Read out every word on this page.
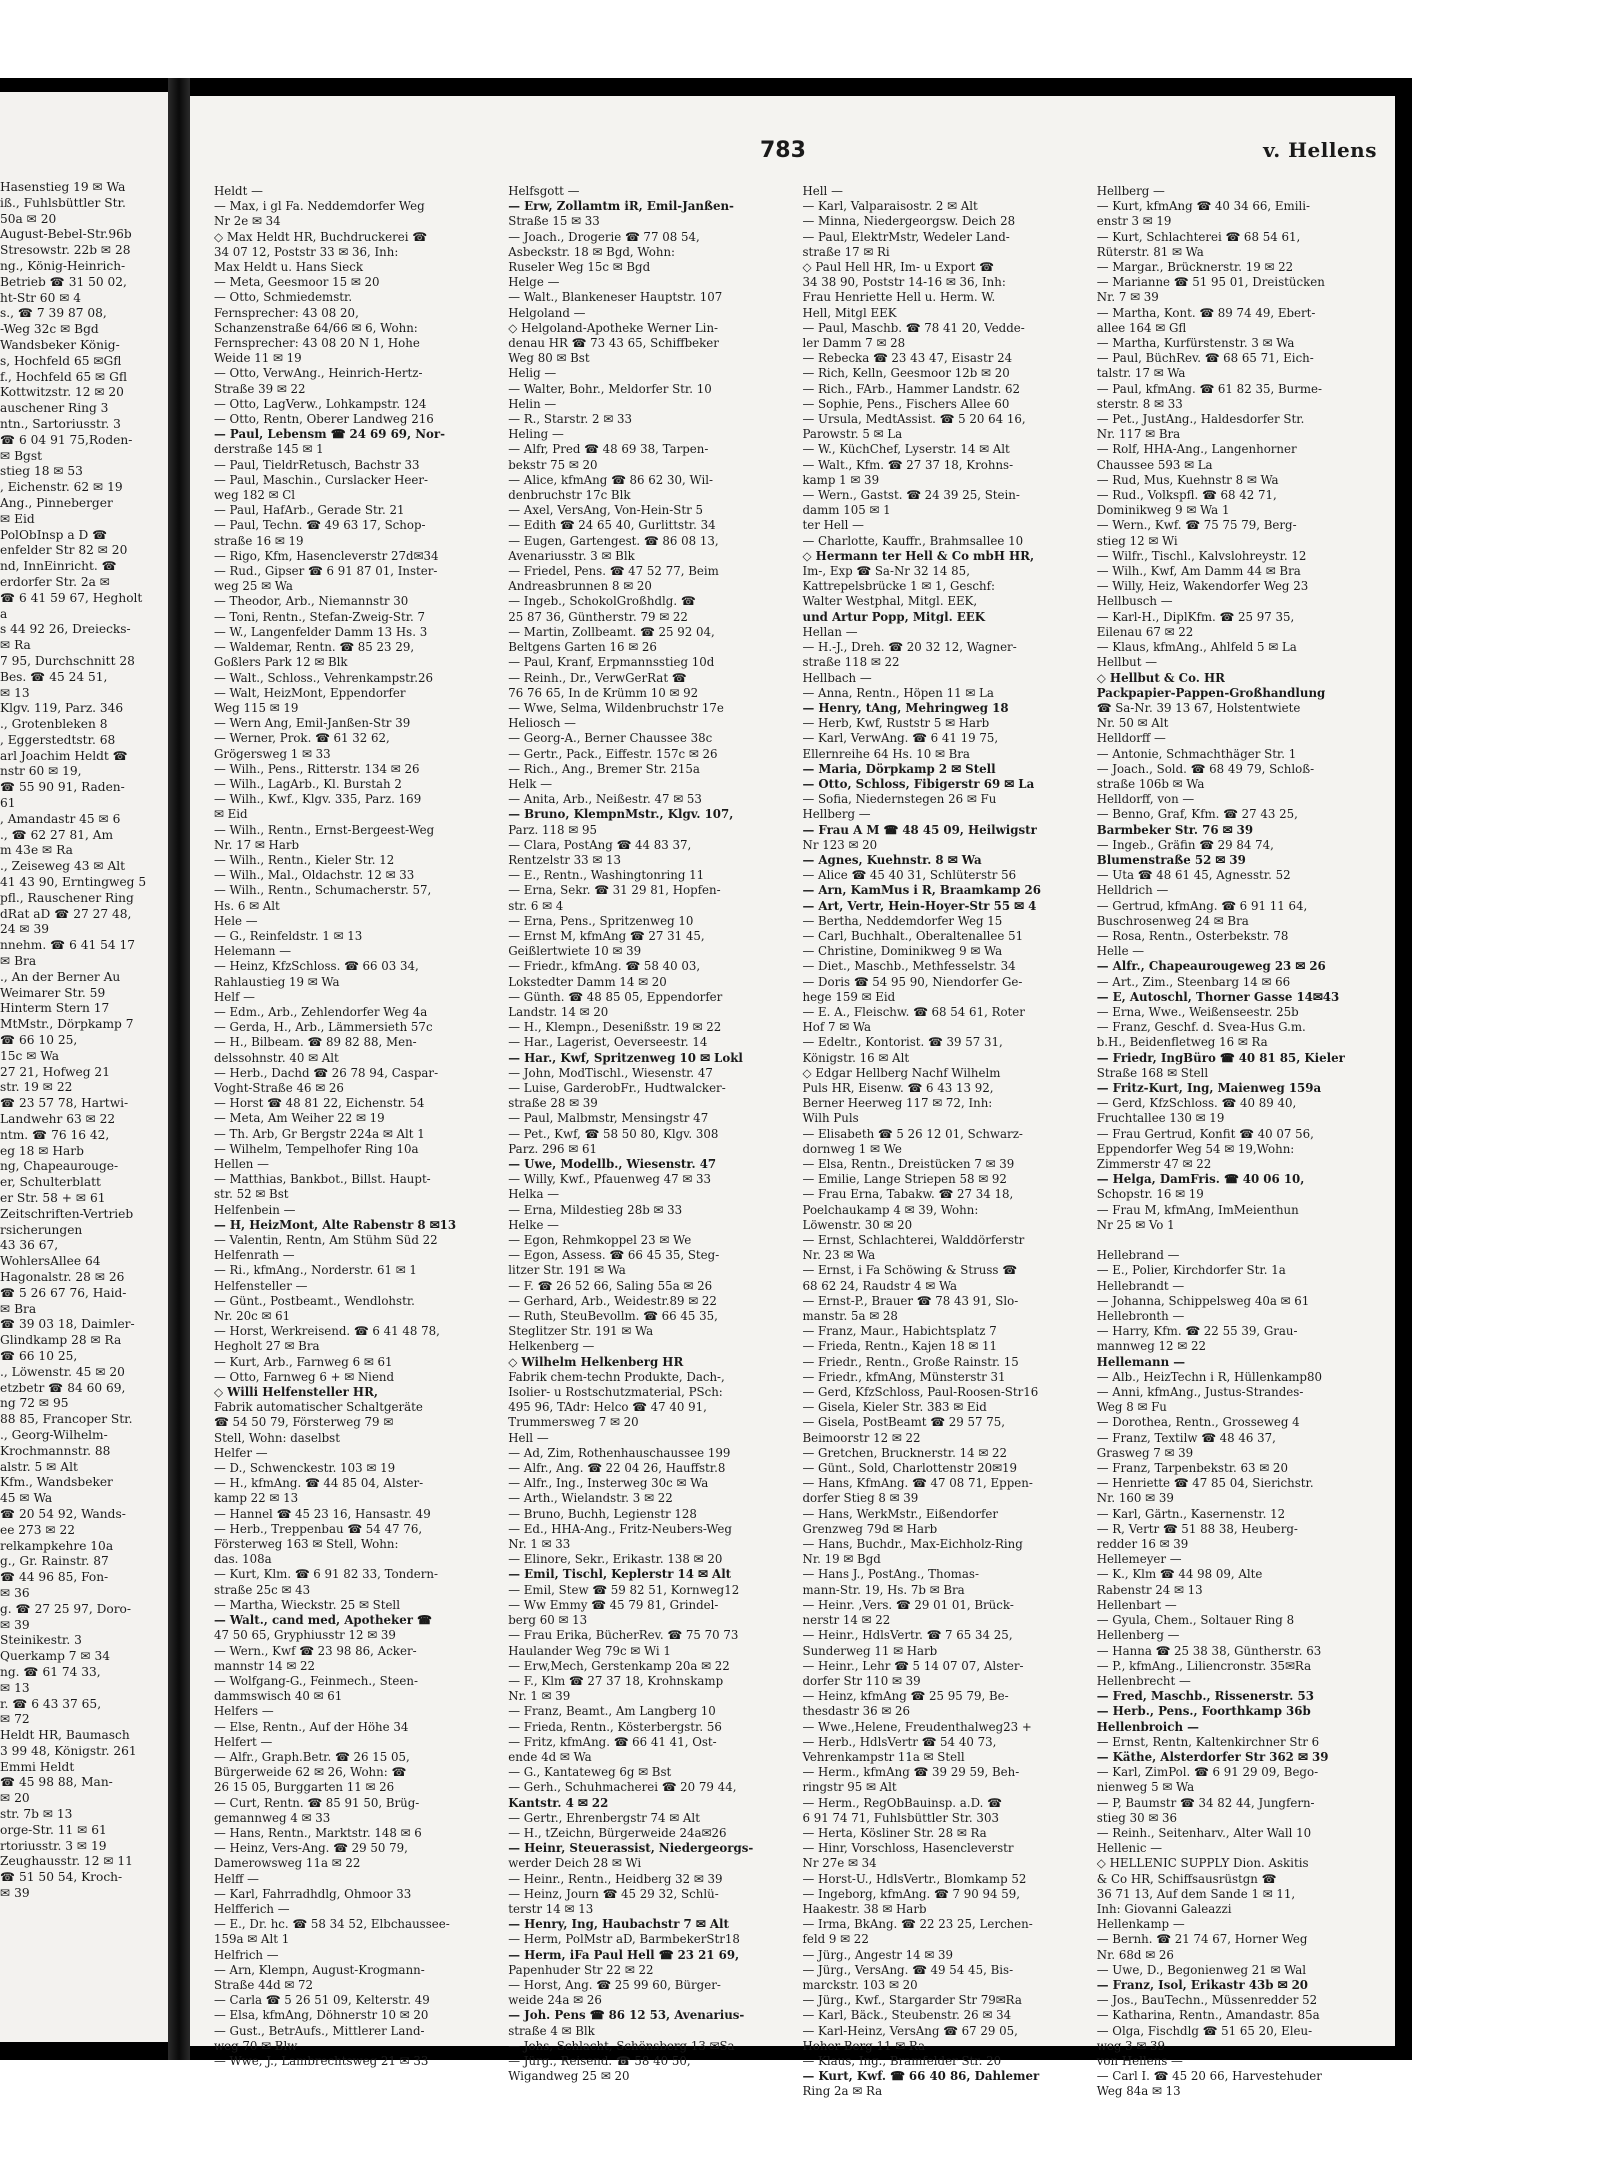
Hasenstieg 19 ✉ Wa
iß., Fuhlsbüttler Str.
50a ✉ 20
August-Bebel-Str.96b
Stresowstr. 22b ✉ 28
ng., König-Heinrich-
Betrieb ☎ 31 50 02,
ht-Str 60 ✉ 4
s., ☎ 7 39 87 08,
-Weg 32c ✉ Bgd
Wandsbeker König-
s, Hochfeld 65 ✉Gfl
f., Hochfeld 65 ✉ Gfl
Kottwitzstr. 12 ✉ 20
auschener Ring 3
ntn., Sartoriusstr. 3
☎ 6 04 91 75,Roden-
✉ Bgst
stieg 18 ✉ 53
, Eichenstr. 62 ✉ 19
Ang., Pinneberger
✉ Eid
PolObInsp a D ☎
enfelder Str 82 ✉ 20
nd, InnEinricht. ☎
erdorfer Str. 2a ✉
☎ 6 41 59 67, Hegholt
a
s 44 92 26, Dreiecks-
✉ Ra
7 95, Durchschnitt 28
Bes. ☎ 45 24 51,
✉ 13
Klgv. 119, Parz. 346
., Grotenbleken 8
, Eggerstedtstr. 68
arl Joachim Heldt ☎
nstr 60 ✉ 19,
☎ 55 90 91, Raden-
61
, Amandastr 45 ✉ 6
., ☎ 62 27 81, Am
m 43e ✉ Ra
., Zeiseweg 43 ✉ Alt
41 43 90, Erntingweg 5
pfl., Rauschener Ring
dRat aD ☎ 27 27 48,
24 ✉ 39
nnehm. ☎ 6 41 54 17
✉ Bra
., An der Berner Au
Weimarer Str. 59
Hinterm Stern 17
MtMstr., Dörpkamp 7
☎ 66 10 25,
15c ✉ Wa
27 21, Hofweg 21
str. 19 ✉ 22
☎ 23 57 78, Hartwi-
Landwehr 63 ✉ 22
ntm. ☎ 76 16 42,
eg 18 ✉ Harb
ng, Chapeaurouge-
er, Schulterblatt
er Str. 58 + ✉ 61
Zeitschriften-Vertrieb
rsicherungen
43 36 67,
WohlersAllee 64
Hagonalstr. 28 ✉ 26
☎ 5 26 67 76, Haid-
✉ Bra
☎ 39 03 18, Daimler-
Glindkamp 28 ✉ Ra
☎ 66 10 25,
., Löwenstr. 45 ✉ 20
etzbetr ☎ 84 60 69,
ng 72 ✉ 95
88 85, Francoper Str.
., Georg-Wilhelm-
Krochmannstr. 88
alstr. 5 ✉ Alt
Kfm., Wandsbeker
45 ✉ Wa
☎ 20 54 92, Wands-
ee 273 ✉ 22
relkampkehre 10a
g., Gr. Rainstr. 87
☎ 44 96 85, Fon-
✉ 36
g. ☎ 27 25 97, Doro-
✉ 39
Steinikestr. 3
Querkamp 7 ✉ 34
ng. ☎ 61 74 33,
✉ 13
r. ☎ 6 43 37 65,
✉ 72
Heldt HR, Baumasch
3 99 48, Königstr. 261
Emmi Heldt
☎ 45 98 88, Man-
✉ 20
str. 7b ✉ 13
orge-Str. 11 ✉ 61
rtoriusstr. 3 ✉ 19
Zeughausstr. 12 ✉ 11
☎ 51 50 54, Kroch-
✉ 39
783	v. Hellens
Heldt —
— Max, i gl Fa. Neddemdorfer Weg
Nr 2e ✉ 34
◇ Max Heldt HR, Buchdruckerei ☎
34 07 12, Poststr 33 ✉ 36, Inh:
Max Heldt u. Hans Sieck
— Meta, Geesmoor 15 ✉ 20
— Otto, Schmiedemstr.
Fernsprecher: 43 08 20,
Schanzenstraße 64/66 ✉ 6, Wohn:
Fernsprecher: 43 08 20 N 1, Hohe
Weide 11 ✉ 19
— Otto, VerwAng., Heinrich-Hertz-
Straße 39 ✉ 22
— Otto, LagVerw., Lohkampstr. 124
— Otto, Rentn, Oberer Landweg 216
— Paul, Lebensm ☎ 24 69 69, Nor-
derstraße 145 ✉ 1
— Paul, TieldrRetusch, Bachstr 33
— Paul, Maschin., Curslacker Heer-
weg 182 ✉ Cl
— Paul, HafArb., Gerade Str. 21
— Paul, Techn. ☎ 49 63 17, Schop-
straße 16 ✉ 19
— Rigo, Kfm, Hasencleverstr 27d✉34
— Rud., Gipser ☎ 6 91 87 01, Inster-
weg 25 ✉ Wa
— Theodor, Arb., Niemannstr 30
— Toni, Rentn., Stefan-Zweig-Str. 7
— W., Langenfelder Damm 13 Hs. 3
— Waldemar, Rentn. ☎ 85 23 29,
Goßlers Park 12 ✉ Blk
— Walt., Schloss., Vehrenkampstr.26
— Walt, HeizMont, Eppendorfer
Weg 115 ✉ 19
— Wern Ang, Emil-Janßen-Str 39
— Werner, Prok. ☎ 61 32 62,
Grögersweg 1 ✉ 33
— Wilh., Pens., Ritterstr. 134 ✉ 26
— Wilh., LagArb., Kl. Burstah 2
— Wilh., Kwf., Klgv. 335, Parz. 169
✉ Eid
— Wilh., Rentn., Ernst-Bergeest-Weg
Nr. 17 ✉ Harb
— Wilh., Rentn., Kieler Str. 12
— Wilh., Mal., Oldachstr. 12 ✉ 33
— Wilh., Rentn., Schumacherstr. 57,
Hs. 6 ✉ Alt
Hele —
— G., Reinfeldstr. 1 ✉ 13
Helemann —
— Heinz, KfzSchloss. ☎ 66 03 34,
Rahlaustieg 19 ✉ Wa
Helf —
— Edm., Arb., Zehlendorfer Weg 4a
— Gerda, H., Arb., Lämmersieth 57c
— H., Bilbeam. ☎ 89 82 88, Men-
delssohnstr. 40 ✉ Alt
— Herb., Dachd ☎ 26 78 94, Caspar-
Voght-Straße 46 ✉ 26
— Horst ☎ 48 81 22, Eichenstr. 54
— Meta, Am Weiher 22 ✉ 19
— Th. Arb, Gr Bergstr 224a ✉ Alt 1
— Wilhelm, Tempelhofer Ring 10a
Hellen —
— Matthias, Bankbot., Billst. Haupt-
str. 52 ✉ Bst
Helfenbein —
— H, HeizMont, Alte Rabenstr 8 ✉13
— Valentin, Rentn, Am Stühm Süd 22
Helfenrath —
— Ri., kfmAng., Norderstr. 61 ✉ 1
Helfensteller —
— Günt., Postbeamt., Wendlohstr.
Nr. 20c ✉ 61
— Horst, Werkreisend. ☎ 6 41 48 78,
Hegholt 27 ✉ Bra
— Kurt, Arb., Farnweg 6 ✉ 61
— Otto, Farnweg 6 + ✉ Niend
◇ Willi Helfensteller HR,
Fabrik automatischer Schaltgeräte
☎ 54 50 79, Försterweg 79 ✉
Stell, Wohn: daselbst
Helfer —
— D., Schwenckestr. 103 ✉ 19
— H., kfmAng. ☎ 44 85 04, Alster-
kamp 22 ✉ 13
— Hannel ☎ 45 23 16, Hansastr. 49
— Herb., Treppenbau ☎ 54 47 76,
Försterweg 163 ✉ Stell, Wohn:
das. 108a
— Kurt, Klm. ☎ 6 91 82 33, Tondern-
straße 25c ✉ 43
— Martha, Wieckstr. 25 ✉ Stell
— Walt., cand med, Apotheker ☎
47 50 65, Gryphiusstr 12 ✉ 39
— Wern., Kwf ☎ 23 98 86, Acker-
mannstr 14 ✉ 22
— Wolfgang-G., Feinmech., Steen-
dammswisch 40 ✉ 61
Helfers —
— Else, Rentn., Auf der Höhe 34
Helfert —
— Alfr., Graph.Betr. ☎ 26 15 05,
Bürgerweide 62 ✉ 26, Wohn: ☎
26 15 05, Burggarten 11 ✉ 26
— Curt, Rentn. ☎ 85 91 50, Brüg-
gemannweg 4 ✉ 33
— Hans, Rentn., Marktstr. 148 ✉ 6
— Heinz, Vers-Ang. ☎ 29 50 79,
Damerowsweg 11a ✉ 22
Helff —
— Karl, Fahrradhdlg, Ohmoor 33
Helfferich —
— E., Dr. hc. ☎ 58 34 52, Elbchaussee-
159a ✉ Alt 1
Helfrich —
— Arn, Klempn, August-Krogmann-
Straße 44d ✉ 72
— Carla ☎ 5 26 51 09, Kelterstr. 49
— Elsa, kfmAng, Döhnerstr 10 ✉ 20
— Gust., BetrAufs., Mittlerer Land-
weg 70 ✉ Blw
— Wwe, J., Lambrechtsweg 21 ✉ 33
Helfsgott —
— Erw, Zollamtm iR, Emil-Janßen-
Straße 15 ✉ 33
— Joach., Drogerie ☎ 77 08 54,
Asbeckstr. 18 ✉ Bgd, Wohn:
Ruseler Weg 15c ✉ Bgd
Helge —
— Walt., Blankeneser Hauptstr. 107
Helgoland —
◇ Helgoland-Apotheke Werner Lin-
denau HR ☎ 73 43 65, Schiffbeker
Weg 80 ✉ Bst
Helig —
— Walter, Bohr., Meldorfer Str. 10
Helin —
— R., Starstr. 2 ✉ 33
Heling —
— Alfr, Pred ☎ 48 69 38, Tarpen-
bekstr 75 ✉ 20
— Alice, kfmAng ☎ 86 62 30, Wil-
denbruchstr 17c Blk
— Axel, VersAng, Von-Hein-Str 5
— Edith ☎ 24 65 40, Gurlittstr. 34
— Eugen, Gartengest. ☎ 86 08 13,
Avenariusstr. 3 ✉ Blk
— Friedel, Pens. ☎ 47 52 77, Beim
Andreasbrunnen 8 ✉ 20
— Ingeb., SchokolGroßhdlg. ☎
25 87 36, Güntherstr. 79 ✉ 22
— Martin, Zollbeamt. ☎ 25 92 04,
Beltgens Garten 16 ✉ 26
— Paul, Kranf, Erpmannsstieg 10d
— Reinh., Dr., VerwGerRat ☎
76 76 65, In de Krümm 10 ✉ 92
— Wwe, Selma, Wildenbruchstr 17e
Heliosch —
— Georg-A., Berner Chaussee 38c
— Gertr., Pack., Eiffestr. 157c ✉ 26
— Rich., Ang., Bremer Str. 215a
Helk —
— Anita, Arb., Neißestr. 47 ✉ 53
— Bruno, KlempnMstr., Klgv. 107,
Parz. 118 ✉ 95
— Clara, PostAng ☎ 44 83 37,
Rentzelstr 33 ✉ 13
— E., Rentn., Washingtonring 11
— Erna, Sekr. ☎ 31 29 81, Hopfen-
str. 6 ✉ 4
— Erna, Pens., Spritzenweg 10
— Ernst M, kfmAng ☎ 27 31 45,
Geißlertwiete 10 ✉ 39
— Friedr., kfmAng. ☎ 58 40 03,
Lokstedter Damm 14 ✉ 20
— Günth. ☎ 48 85 05, Eppendorfer
Landstr. 14 ✉ 20
— H., Klempn., Desenißstr. 19 ✉ 22
— Har., Lagerist, Oeverseestr. 14
— Har., Kwf, Spritzenweg 10 ✉ Lokl
— John, ModTischl., Wiesenstr. 47
— Luise, GarderobFr., Hudtwalcker-
straße 28 ✉ 39
— Paul, Malbmstr, Mensingstr 47
— Pet., Kwf, ☎ 58 50 80, Klgv. 308
Parz. 296 ✉ 61
— Uwe, Modellb., Wiesenstr. 47
— Willy, Kwf., Pfauenweg 47 ✉ 33
Helka —
— Erna, Mildestieg 28b ✉ 33
Helke —
— Egon, Rehmkoppel 23 ✉ We
— Egon, Assess. ☎ 66 45 35, Steg-
litzer Str. 191 ✉ Wa
— F. ☎ 26 52 66, Saling 55a ✉ 26
— Gerhard, Arb., Weidestr.89 ✉ 22
— Ruth, SteuBevollm. ☎ 66 45 35,
Steglitzer Str. 191 ✉ Wa
Helkenberg —
◇ Wilhelm Helkenberg HR
Fabrik chem-techn Produkte, Dach-,
Isolier- u Rostschutzmaterial, PSch:
495 96, TAdr: Helco ☎ 47 40 91,
Trummersweg 7 ✉ 20
Hell —
— Ad, Zim, Rothenhauschaussee 199
— Alfr., Ang. ☎ 22 04 26, Hauffstr.8
— Alfr., Ing., Insterweg 30c ✉ Wa
— Arth., Wielandstr. 3 ✉ 22
— Bruno, Buchh, Legienstr 128
— Ed., HHA-Ang., Fritz-Neubers-Weg
Nr. 1 ✉ 33
— Elinore, Sekr., Erikastr. 138 ✉ 20
— Emil, Tischl, Keplerstr 14 ✉ Alt
— Emil, Stew ☎ 59 82 51, Kornweg12
— Ww Emmy ☎ 45 79 81, Grindel-
berg 60 ✉ 13
— Frau Erika, BücherRev. ☎ 75 70 73
Haulander Weg 79c ✉ Wi 1
— Erw,Mech, Gerstenkamp 20a ✉ 22
— F., Klm ☎ 27 37 18, Krohnskamp
Nr. 1 ✉ 39
— Franz, Beamt., Am Langberg 10
— Frieda, Rentn., Kösterbergstr. 56
— Fritz, kfmAng. ☎ 66 41 41, Ost-
ende 4d ✉ Wa
— G., Kantateweg 6g ✉ Bst
— Gerh., Schuhmacherei ☎ 20 79 44,
Kantstr. 4 ✉ 22
— Gertr., Ehrenbergstr 74 ✉ Alt
— H., tZeichn, Bürgerweide 24a✉26
— Heinr, Steuerassist, Niedergeorgs-
werder Deich 28 ✉ Wi
— Heinr., Rentn., Heidberg 32 ✉ 39
— Heinz, Journ ☎ 45 29 32, Schlü-
terstr 14 ✉ 13
— Henry, Ing, Haubachstr 7 ✉ Alt
— Herm, PolMstr aD, BarmbekerStr18
— Herm, iFa Paul Hell ☎ 23 21 69,
Papenhuder Str 22 ✉ 22
— Horst, Ang. ☎ 25 99 60, Bürger-
weide 24a ✉ 26
— Joh. Pens ☎ 86 12 53, Avenarius-
straße 4 ✉ Blk
— Johs, Schlacht, Schönsberg 13 ✉Sa
— Jürg., Reisend. ☎ 58 40 50,
Wigandweg 25 ✉ 20
Hell —
— Karl, Valparaisostr. 2 ✉ Alt
— Minna, Niedergeorgsw. Deich 28
— Paul, ElektrMstr, Wedeler Land-
straße 17 ✉ Ri
◇ Paul Hell HR, Im- u Export ☎
34 38 90, Poststr 14-16 ✉ 36, Inh:
Frau Henriette Hell u. Herm. W.
Hell, Mitgl EEK
— Paul, Maschb. ☎ 78 41 20, Vedde-
ler Damm 7 ✉ 28
— Rebecka ☎ 23 43 47, Eisastr 24
— Rich, Kelln, Geesmoor 12b ✉ 20
— Rich., FArb., Hammer Landstr. 62
— Sophie, Pens., Fischers Allee 60
— Ursula, MedtAssist. ☎ 5 20 64 16,
Parowstr. 5 ✉ La
— W., KüchChef, Lyserstr. 14 ✉ Alt
— Walt., Kfm. ☎ 27 37 18, Krohns-
kamp 1 ✉ 39
— Wern., Gastst. ☎ 24 39 25, Stein-
damm 105 ✉ 1
ter Hell —
— Charlotte, Kauffr., Brahmsallee 10
◇ Hermann ter Hell & Co mbH HR,
Im-, Exp ☎ Sa-Nr 32 14 85,
Kattrepelsbrücke 1 ✉ 1, Geschf:
Walter Westphal, Mitgl. EEK,
und Artur Popp, Mitgl. EEK
Hellan —
— H.-J., Dreh. ☎ 20 32 12, Wagner-
straße 118 ✉ 22
Hellbach —
— Anna, Rentn., Höpen 11 ✉ La
— Henry, tAng, Mehringweg 18
— Herb, Kwf, Ruststr 5 ✉ Harb
— Karl, VerwAng. ☎ 6 41 19 75,
Ellernreihe 64 Hs. 10 ✉ Bra
— Maria, Dörpkamp 2 ✉ Stell
— Otto, Schloss, Fibigerstr 69 ✉ La
— Sofia, Niedernstegen 26 ✉ Fu
Hellberg —
— Frau A M ☎ 48 45 09, Heilwigstr
Nr 123 ✉ 20
— Agnes, Kuehnstr. 8 ✉ Wa
— Alice ☎ 45 40 31, Schlüterstr 56
— Arn, KamMus i R, Braamkamp 26
— Art, Vertr, Hein-Hoyer-Str 55 ✉ 4
— Bertha, Neddemdorfer Weg 15
— Carl, Buchhalt., Oberaltenallee 51
— Christine, Dominikweg 9 ✉ Wa
— Diet., Maschb., Methfesselstr. 34
— Doris ☎ 54 95 90, Niendorfer Ge-
hege 159 ✉ Eid
— E. A., Fleischw. ☎ 68 54 61, Roter
Hof 7 ✉ Wa
— Edeltr., Kontorist. ☎ 39 57 31,
Königstr. 16 ✉ Alt
◇ Edgar Hellberg Nachf Wilhelm
Puls HR, Eisenw. ☎ 6 43 13 92,
Berner Heerweg 117 ✉ 72, Inh:
Wilh Puls
— Elisabeth ☎ 5 26 12 01, Schwarz-
dornweg 1 ✉ We
— Elsa, Rentn., Dreistücken 7 ✉ 39
— Emilie, Lange Striepen 58 ✉ 92
— Frau Erna, Tabakw. ☎ 27 34 18,
Poelchaukamp 4 ✉ 39, Wohn:
Löwenstr. 30 ✉ 20
— Ernst, Schlachterei, Walddörferstr
Nr. 23 ✉ Wa
— Ernst, i Fa Schöwing & Struss ☎
68 62 24, Raudstr 4 ✉ Wa
— Ernst-P., Brauer ☎ 78 43 91, Slo-
manstr. 5a ✉ 28
— Franz, Maur., Habichtsplatz 7
— Frieda, Rentn., Kajen 18 ✉ 11
— Friedr., Rentn., Große Rainstr. 15
— Friedr., kfmAng, Münsterstr 31
— Gerd, KfzSchloss, Paul-Roosen-Str16
— Gisela, Kieler Str. 383 ✉ Eid
— Gisela, PostBeamt ☎ 29 57 75,
Beimoorstr 12 ✉ 22
— Gretchen, Brucknerstr. 14 ✉ 22
— Günt., Sold, Charlottenstr 20✉19
— Hans, KfmAng. ☎ 47 08 71, Eppen-
dorfer Stieg 8 ✉ 39
— Hans, WerkMstr., Eißendorfer
Grenzweg 79d ✉ Harb
— Hans, Buchdr., Max-Eichholz-Ring
Nr. 19 ✉ Bgd
— Hans J., PostAng., Thomas-
mann-Str. 19, Hs. 7b ✉ Bra
— Heinr. ,Vers. ☎ 29 01 01, Brück-
nerstr 14 ✉ 22
— Heinr., HdlsVertr. ☎ 7 65 34 25,
Sunderweg 11 ✉ Harb
— Heinr., Lehr ☎ 5 14 07 07, Alster-
dorfer Str 110 ✉ 39
— Heinz, kfmAng ☎ 25 95 79, Be-
thesdastr 36 ✉ 26
— Wwe.,Helene, Freudenthalweg23 +
— Herb., HdlsVertr ☎ 54 40 73,
Vehrenkampstr 11a ✉ Stell
— Herm., kfmAng ☎ 39 29 59, Beh-
ringstr 95 ✉ Alt
— Herm., RegObBauinsp. a.D. ☎
6 91 74 71, Fuhlsbüttler Str. 303
— Herta, Kösliner Str. 28 ✉ Ra
— Hinr, Vorschloss, Hasencleverstr
Nr 27e ✉ 34
— Horst-U., HdlsVertr., Blomkamp 52
— Ingeborg, kfmAng. ☎ 7 90 94 59,
Haakestr. 38 ✉ Harb
— Irma, BkAng. ☎ 22 23 25, Lerchen-
feld 9 ✉ 22
— Jürg., Angestr 14 ✉ 39
— Jürg., VersAng. ☎ 49 54 45, Bis-
marckstr. 103 ✉ 20
— Jürg., Kwf., Stargarder Str 79✉Ra
— Karl, Bäck., Steubenstr. 26 ✉ 34
— Karl-Heinz, VersAng ☎ 67 29 05,
Hoher Berg 11 ✉ Ra
— Klaus, Ing., Bramfelder Str. 20
— Kurt, Kwf. ☎ 66 40 86, Dahlemer
Ring 2a ✉ Ra
Hellberg —
— Kurt, kfmAng ☎ 40 34 66, Emili-
enstr 3 ✉ 19
— Kurt, Schlachterei ☎ 68 54 61,
Rüterstr. 81 ✉ Wa
— Margar., Brücknerstr. 19 ✉ 22
— Marianne ☎ 51 95 01, Dreistücken
Nr. 7 ✉ 39
— Martha, Kont. ☎ 89 74 49, Ebert-
allee 164 ✉ Gfl
— Martha, Kurfürstenstr. 3 ✉ Wa
— Paul, BüchRev. ☎ 68 65 71, Eich-
talstr. 17 ✉ Wa
— Paul, kfmAng. ☎ 61 82 35, Burme-
sterstr. 8 ✉ 33
— Pet., JustAng., Haldesdorfer Str.
Nr. 117 ✉ Bra
— Rolf, HHA-Ang., Langenhorner
Chaussee 593 ✉ La
— Rud, Mus, Kuehnstr 8 ✉ Wa
— Rud., Volkspfl. ☎ 68 42 71,
Dominikweg 9 ✉ Wa 1
— Wern., Kwf. ☎ 75 75 79, Berg-
stieg 12 ✉ Wi
— Wilfr., Tischl., Kalvslohreystr. 12
— Wilh., Kwf, Am Damm 44 ✉ Bra
— Willy, Heiz, Wakendorfer Weg 23
Hellbusch —
— Karl-H., DiplKfm. ☎ 25 97 35,
Eilenau 67 ✉ 22
— Klaus, kfmAng., Ahlfeld 5 ✉ La
Hellbut —
◇ Hellbut & Co. HR
Packpapier-Pappen-Großhandlung
☎ Sa-Nr. 39 13 67, Holstentwiete
Nr. 50 ✉ Alt
Helldorff —
— Antonie, Schmachthäger Str. 1
— Joach., Sold. ☎ 68 49 79, Schloß-
straße 106b ✉ Wa
Helldorff, von —
— Benno, Graf, Kfm. ☎ 27 43 25,
Barmbeker Str. 76 ✉ 39
— Ingeb., Gräfin ☎ 29 84 74,
Blumenstraße 52 ✉ 39
— Uta ☎ 48 61 45, Agnesstr. 52
Helldrich —
— Gertrud, kfmAng. ☎ 6 91 11 64,
Buschrosenweg 24 ✉ Bra
— Rosa, Rentn., Osterbekstr. 78
Helle —
— Alfr., Chapeaurougeweg 23 ✉ 26
— Art., Zim., Steenbarg 14 ✉ 66
— E, Autoschl, Thorner Gasse 14✉43
— Erna, Wwe., Weißenseestr. 25b
— Franz, Geschf. d. Svea-Hus G.m.
b.H., Beidenfletweg 16 ✉ Ra
— Friedr, IngBüro ☎ 40 81 85, Kieler
Straße 168 ✉ Stell
— Fritz-Kurt, Ing, Maienweg 159a
— Gerd, KfzSchloss. ☎ 40 89 40,
Fruchtallee 130 ✉ 19
— Frau Gertrud, Konfit ☎ 40 07 56,
Eppendorfer Weg 54 ✉ 19,Wohn:
Zimmerstr 47 ✉ 22
— Helga, DamFris. ☎ 40 06 10,
Schopstr. 16 ✉ 19
— Frau M, kfmAng, ImMeienthun
Nr 25 ✉ Vo 1

Hellebrand —
— E., Polier, Kirchdorfer Str. 1a
Hellebrandt —
— Johanna, Schippelsweg 40a ✉ 61
Hellebronth —
— Harry, Kfm. ☎ 22 55 39, Grau-
mannweg 12 ✉ 22
Hellemann —
— Alb., HeizTechn i R, Hüllenkamp80
— Anni, kfmAng., Justus-Strandes-
Weg 8 ✉ Fu
— Dorothea, Rentn., Grosseweg 4
— Franz, Textilw ☎ 48 46 37,
Grasweg 7 ✉ 39
— Franz, Tarpenbekstr. 63 ✉ 20
— Henriette ☎ 47 85 04, Sierichstr.
Nr. 160 ✉ 39
— Karl, Gärtn., Kasernenstr. 12
— R, Vertr ☎ 51 88 38, Heuberg-
redder 16 ✉ 39
Hellemeyer —
— K., Klm ☎ 44 98 09, Alte
Rabenstr 24 ✉ 13
Hellenbart —
— Gyula, Chem., Soltauer Ring 8
Hellenberg —
— Hanna ☎ 25 38 38, Güntherstr. 63
— P., kfmAng., Liliencronstr. 35✉Ra
Hellenbrecht —
— Fred, Maschb., Rissenerstr. 53
— Herb., Pens., Foorthkamp 36b
Hellenbroich —
— Ernst, Rentn, Kaltenkirchner Str 6
— Käthe, Alsterdorfer Str 362 ✉ 39
— Karl, ZimPol. ☎ 6 91 29 09, Bego-
nienweg 5 ✉ Wa
— P, Baumstr ☎ 34 82 44, Jungfern-
stieg 30 ✉ 36
— Reinh., Seitenharv., Alter Wall 10
Hellenic —
◇ HELLENIC SUPPLY Dion. Askitis
& Co HR, Schiffsausrüstgn ☎
36 71 13, Auf dem Sande 1 ✉ 11,
Inh: Giovanni Galeazzi
Hellenkamp —
— Bernh. ☎ 21 74 67, Horner Weg
Nr. 68d ✉ 26
— Uwe, D., Begonienweg 21 ✉ Wal
— Franz, Isol, Erikastr 43b ✉ 20
— Jos., BauTechn., Müssenredder 52
— Katharina, Rentn., Amandastr. 85a
— Olga, Fischdlg ☎ 51 65 20, Eleu-
weg 3 ✉ 39
von Hellens —
— Carl I. ☎ 45 20 66, Harvestehuder
Weg 84a ✉ 13
